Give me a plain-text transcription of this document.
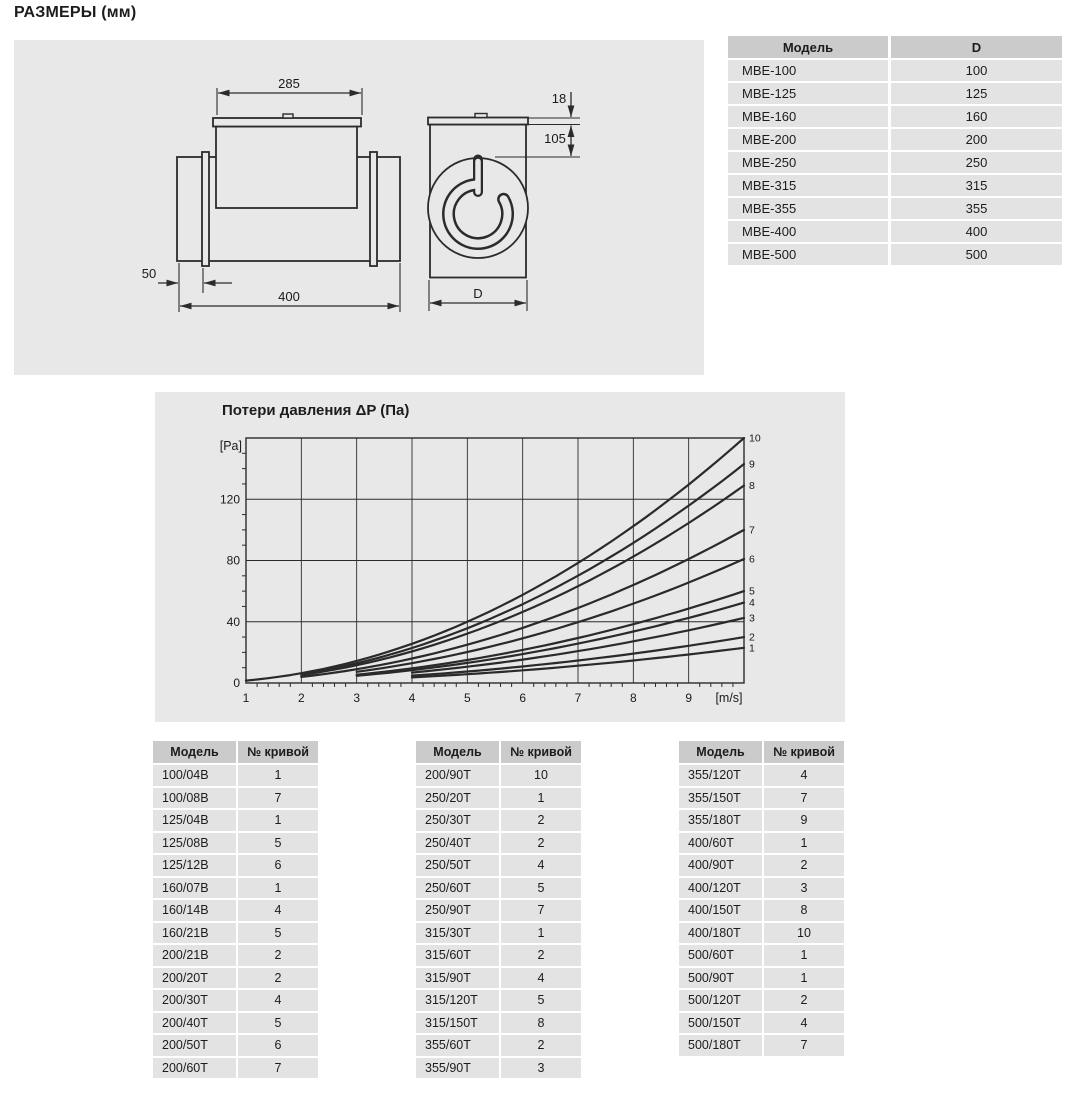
РАЗМЕРЫ (мм)
285
400
50
D
18
105
Модель	D
МВЕ-100	100
МВЕ-125	125
МВЕ-160	160
МВЕ-200	200
МВЕ-250	250
МВЕ-315	315
МВЕ-355	355
МВЕ-400	400
МВЕ-500	500
Потери давления ΔP (Па)
1
2
3
4
5
6
7
8
9
10
1	2	3	4	5	6	7	8	9
0
40
80
120
[Pa]
[m/s]
Модель	№ кривой
100/04В	1
100/08В	7
125/04В	1
125/08В	5
125/12В	6
160/07В	1
160/14В	4
160/21В	5
200/21В	2
200/20Т	2
200/30Т	4
200/40Т	5
200/50Т	6
200/60Т	7
Модель	№ кривой
200/90Т	10
250/20Т	1
250/30Т	2
250/40Т	2
250/50Т	4
250/60Т	5
250/90Т	7
315/30Т	1
315/60Т	2
315/90Т	4
315/120Т	5
315/150Т	8
355/60Т	2
355/90Т	3
Модель	№ кривой
355/120Т	4
355/150Т	7
355/180Т	9
400/60Т	1
400/90Т	2
400/120Т	3
400/150Т	8
400/180Т	10
500/60Т	1
500/90Т	1
500/120Т	2
500/150Т	4
500/180Т	7
